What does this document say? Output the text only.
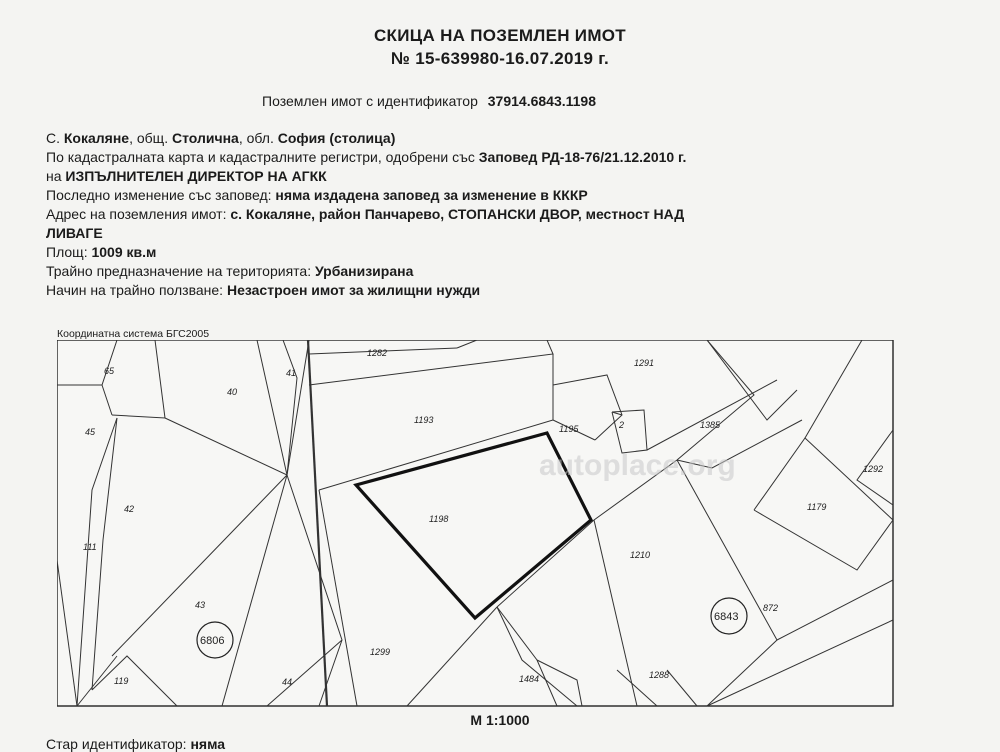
СКИЦА НА ПОЗЕМЛЕН ИМОТ
№ 15-639980-16.07.2019 г.
Поземлен имот с идентификатор 37914.6843.1198
С. Кокаляне, общ. Столична, обл. София (столица)
По кадастралната карта и кадастралните регистри, одобрени със Заповед РД-18-76/21.12.2010 г.
на ИЗПЪЛНИТЕЛЕН ДИРЕКТОР НА АГКК
Последно изменение със заповед: няма издадена заповед за изменение в КККР
Адрес на поземления имот: с. Кокаляне, район Панчарево, СТОПАНСКИ ДВОР, местност НАД
ЛИВАГЕ
Площ: 1009 кв.м
Трайно предназначение на територията: Урбанизирана
Начин на трайно ползване: Незастроен имот за жилищни нужди
Координатна система БГС2005
65
40
41
45
42
111
43
119	44
1282
1193
1198
1299
1484
1291
1195	2	1385
1210
1288
1292
1179
872
6806
6843
autoplace.org
М 1:1000
Стар идентификатор: няма
